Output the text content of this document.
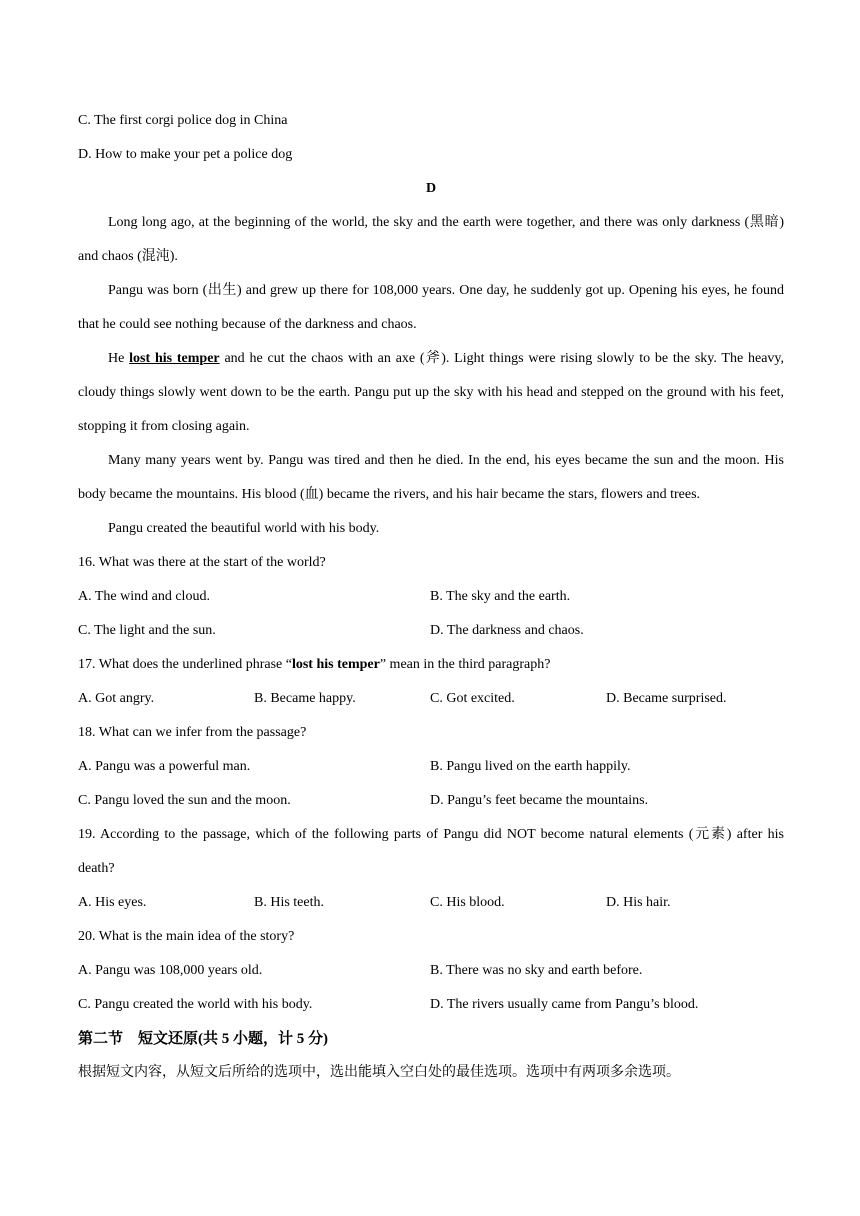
C. The first corgi police dog in China
D. How to make your pet a police dog
D
Long long ago, at the beginning of the world, the sky and the earth were together, and there was only darkness (黑暗) and chaos (混沌).
Pangu was born (出生) and grew up there for 108,000 years. One day, he suddenly got up. Opening his eyes, he found that he could see nothing because of the darkness and chaos.
He lost his temper and he cut the chaos with an axe (斧). Light things were rising slowly to be the sky. The heavy, cloudy things slowly went down to be the earth. Pangu put up the sky with his head and stepped on the ground with his feet, stopping it from closing again.
Many many years went by. Pangu was tired and then he died. In the end, his eyes became the sun and the moon. His body became the mountains. His blood (血) became the rivers, and his hair became the stars, flowers and trees.
Pangu created the beautiful world with his body.
16. What was there at the start of the world?
A. The wind and cloud.	B. The sky and the earth.
C. The light and the sun.	D. The darkness and chaos.
17. What does the underlined phrase “lost his temper” mean in the third paragraph?
A. Got angry.	B. Became happy.	C. Got excited.	D. Became surprised.
18. What can we infer from the passage?
A. Pangu was a powerful man.	B. Pangu lived on the earth happily.
C. Pangu loved the sun and the moon.	D. Pangu’s feet became the mountains.
19. According to the passage, which of the following parts of Pangu did NOT become natural elements (元素) after his death?
A. His eyes.	B. His teeth.	C. His blood.	D. His hair.
20. What is the main idea of the story?
A. Pangu was 108,000 years old.	B. There was no sky and earth before.
C. Pangu created the world with his body.	D. The rivers usually came from Pangu’s blood.
第二节　短文还原(共 5 小题，计 5 分)
根据短文内容，从短文后所给的选项中，选出能填入空白处的最佳选项。选项中有两项多余选项。
